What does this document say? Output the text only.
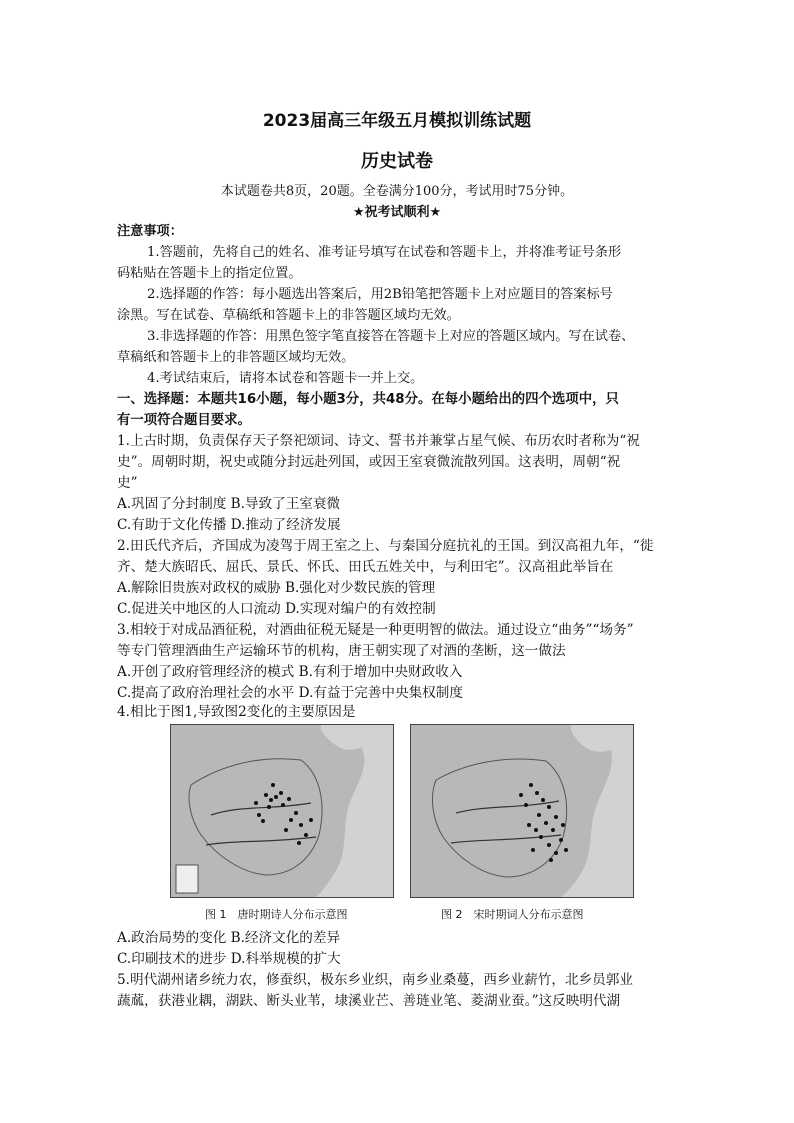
2023届高三年级五月模拟训练试题
历史试卷
本试题卷共8页，20题。全卷满分100分，考试用时75分钟。
★祝考试顺利★
注意事项：
1.答题前，先将自己的姓名、准考证号填写在试卷和答题卡上，并将准考证号条形
码粘贴在答题卡上的指定位置。
2.选择题的作答：每小题选出答案后，用2B铅笔把答题卡上对应题目的答案标号
涂黑。写在试卷、草稿纸和答题卡上的非答题区域均无效。
3.非选择题的作答：用黑色签字笔直接答在答题卡上对应的答题区域内。写在试卷、
草稿纸和答题卡上的非答题区域均无效。
4.考试结束后，请将本试卷和答题卡一并上交。
一、选择题：本题共16小题，每小题3分，共48分。在每小题给出的四个选项中，只
有一项符合题目要求。
1.上古时期，负责保存天子祭祀颂词、诗文、誓书并兼掌占星气候、布历农时者称为“祝
史”。周朝时期，祝史或随分封远赴列国，或因王室衰微流散列国。这表明，周朝“祝
史”
A.巩固了分封制度 B.导致了王室衰微
C.有助于文化传播 D.推动了经济发展
2.田氏代齐后，齐国成为凌驾于周王室之上、与秦国分庭抗礼的王国。到汉高祖九年，“徙
齐、楚大族昭氏、屈氏、景氏、怀氏、田氏五姓关中，与利田宅”。汉高祖此举旨在
A.解除旧贵族对政权的威胁 B.强化对少数民族的管理
C.促进关中地区的人口流动 D.实现对编户的有效控制
3.相较于对成品酒征税，对酒曲征税无疑是一种更明智的做法。通过设立“曲务”“场务”
等专门管理酒曲生产运输环节的机构，唐王朝实现了对酒的垄断，这一做法
A.开创了政府管理经济的模式 B.有利于增加中央财政收入
C.提高了政府治理社会的水平 D.有益于完善中央集权制度
4.相比于图1,导致图2变化的主要原因是
图 1　唐时期诗人分布示意图	图 2　宋时期词人分布示意图
A.政治局势的变化 B.经济文化的差异
C.印刷技术的进步 D.科举规模的扩大
5.明代湖州诸乡统力农，修蚕织，极东乡业织，南乡业桑蔓，西乡业薪竹，北乡员郭业
蔬蓏，获港业耦，湖趺、断头业苇，埭溪业芒、善琏业笔、菱湖业蚕。”这反映明代湖
